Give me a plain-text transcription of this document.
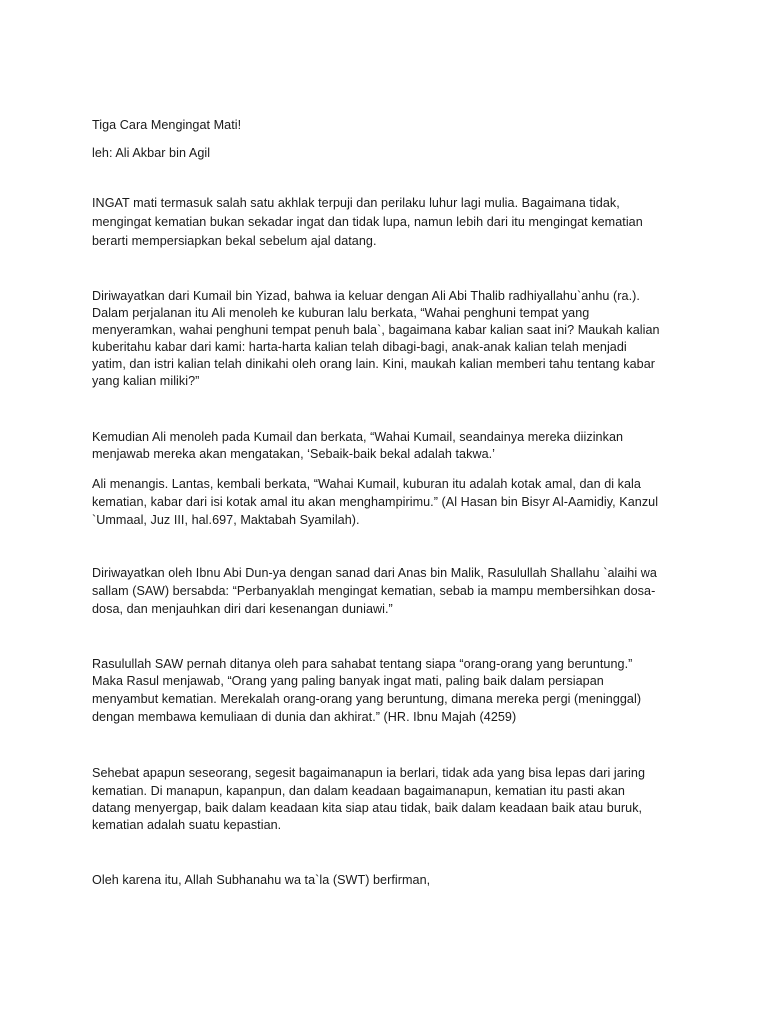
Tiga Cara Mengingat Mati!

leh: Ali Akbar bin Agil

INGAT mati termasuk salah satu akhlak terpuji dan perilaku luhur lagi mulia. Bagaimana tidak,

mengingat kematian bukan sekadar ingat dan tidak lupa, namun lebih dari itu mengingat kematian

berarti mempersiapkan bekal sebelum ajal datang.

Diriwayatkan dari Kumail bin Yizad, bahwa ia keluar dengan Ali Abi Thalib radhiyallahu`anhu (ra.).

Dalam perjalanan itu Ali menoleh ke kuburan lalu berkata, “Wahai penghuni tempat yang

menyeramkan, wahai penghuni tempat penuh bala`, bagaimana kabar kalian saat ini? Maukah kalian

kuberitahu kabar dari kami: harta-harta kalian telah dibagi-bagi, anak-anak kalian telah menjadi

yatim, dan istri kalian telah dinikahi oleh orang lain. Kini, maukah kalian memberi tahu tentang kabar

yang kalian miliki?”

Kemudian Ali menoleh pada Kumail dan berkata, “Wahai Kumail, seandainya mereka diizinkan

menjawab mereka akan mengatakan, ‘Sebaik-baik bekal adalah takwa.’

Ali menangis. Lantas, kembali berkata, “Wahai Kumail, kuburan itu adalah kotak amal, dan di kala

kematian, kabar dari isi kotak amal itu akan menghampirimu.” (Al Hasan bin Bisyr Al-Aamidiy, Kanzul

`Ummaal, Juz III, hal.697, Maktabah Syamilah).

Diriwayatkan oleh Ibnu Abi Dun-ya dengan sanad dari Anas bin Malik, Rasulullah Shallahu `alaihi wa

sallam (SAW) bersabda: “Perbanyaklah mengingat kematian, sebab ia mampu membersihkan dosa-

dosa, dan menjauhkan diri dari kesenangan duniawi.”

Rasulullah SAW pernah ditanya oleh para sahabat tentang siapa “orang-orang yang beruntung.”

Maka Rasul menjawab, “Orang yang paling banyak ingat mati, paling baik dalam persiapan

menyambut kematian. Merekalah orang-orang yang beruntung, dimana mereka pergi (meninggal)

dengan membawa kemuliaan di dunia dan akhirat.” (HR. Ibnu Majah (4259)

Sehebat apapun seseorang, segesit bagaimanapun ia berlari, tidak ada yang bisa lepas dari jaring

kematian. Di manapun, kapanpun, dan dalam keadaan bagaimanapun, kematian itu pasti akan

datang menyergap, baik dalam keadaan kita siap atau tidak, baik dalam keadaan baik atau buruk,

kematian adalah suatu kepastian.

Oleh karena itu, Allah Subhanahu wa ta`la (SWT) berfirman,
